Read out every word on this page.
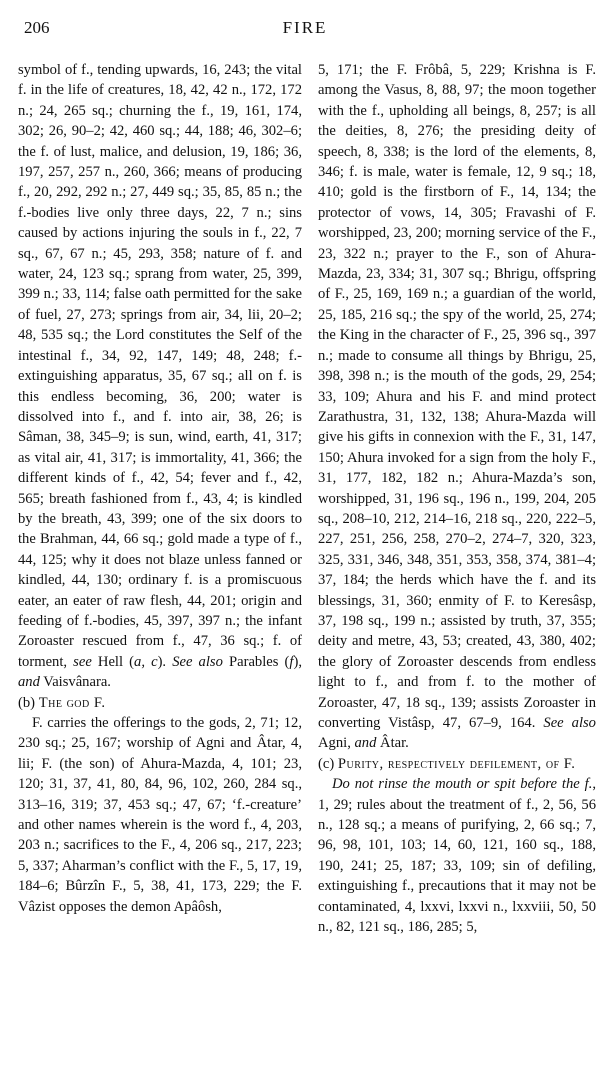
206	FIRE

symbol of f., tending upwards, 16, 243; the vital f. in the life of creatures, 18, 42, 42 n., 172, 172 n.; 24, 265 sq.; churning the f., 19, 161, 174, 302; 26, 90–2; 42, 460 sq.; 44, 188; 46, 302–6; the f. of lust, malice, and delusion, 19, 186; 36, 197, 257, 257 n., 260, 366; means of producing f., 20, 292, 292 n.; 27, 449 sq.; 35, 85, 85 n.; the f.-bodies live only three days, 22, 7 n.; sins caused by actions injuring the souls in f., 22, 7 sq., 67, 67 n.; 45, 293, 358; nature of f. and water, 24, 123 sq.; sprang from water, 25, 399, 399 n.; 33, 114; false oath permitted for the sake of fuel, 27, 273; springs from air, 34, lii, 20–2; 48, 535 sq.; the Lord constitutes the Self of the intestinal f., 34, 92, 147, 149; 48, 248; f.-extinguishing apparatus, 35, 67 sq.; all on f. is this endless becoming, 36, 200; water is dissolved into f., and f. into air, 38, 26; is Sâman, 38, 345–9; is sun, wind, earth, 41, 317; as vital air, 41, 317; is immortality, 41, 366; the different kinds of f., 42, 54; fever and f., 42, 565; breath fashioned from f., 43, 4; is kindled by the breath, 43, 399; one of the six doors to the Brahman, 44, 66 sq.; gold made a type of f., 44, 125; why it does not blaze unless fanned or kindled, 44, 130; ordinary f. is a promiscuous eater, an eater of raw flesh, 44, 201; origin and feeding of f.-bodies, 45, 397, 397 n.; the infant Zoroaster rescued from f., 47, 36 sq.; f. of torment, see Hell (a, c). See also Parables (f), and Vaisvânara.

(b) The god F.

F. carries the offerings to the gods, 2, 71; 12, 230 sq.; 25, 167; worship of Agni and Âtar, 4, lii; F. (the son) of Ahura-Mazda, 4, 101; 23, 120; 31, 37, 41, 80, 84, 96, 102, 260, 284 sq., 313–16, 319; 37, 453 sq.; 47, 67; ‘f.-creature’ and other names wherein is the word f., 4, 203, 203 n.; sacrifices to the F., 4, 206 sq., 217, 223; 5, 337; Aharman’s conflict with the F., 5, 17, 19, 184–6; Bûrzîn F., 5, 38, 41, 173, 229; the F. Vâzist opposes the demon Apâôsh,

5, 171; the F. Frôbâ, 5, 229; Krishna is F. among the Vasus, 8, 88, 97; the moon together with the f., upholding all beings, 8, 257; is all the deities, 8, 276; the presiding deity of speech, 8, 338; is the lord of the elements, 8, 346; f. is male, water is female, 12, 9 sq.; 18, 410; gold is the firstborn of F., 14, 134; the protector of vows, 14, 305; Fravashi of F. worshipped, 23, 200; morning service of the F., 23, 322 n.; prayer to the F., son of Ahura-Mazda, 23, 334; 31, 307 sq.; Bhrigu, offspring of F., 25, 169, 169 n.; a guardian of the world, 25, 185, 216 sq.; the spy of the world, 25, 274; the King in the character of F., 25, 396 sq., 397 n.; made to consume all things by Bhrigu, 25, 398, 398 n.; is the mouth of the gods, 29, 254; 33, 109; Ahura and his F. and mind protect Zarathustra, 31, 132, 138; Ahura-Mazda will give his gifts in connexion with the F., 31, 147, 150; Ahura invoked for a sign from the holy F., 31, 177, 182, 182 n.; Ahura-Mazda’s son, worshipped, 31, 196 sq., 196 n., 199, 204, 205 sq., 208–10, 212, 214–16, 218 sq., 220, 222–5, 227, 251, 256, 258, 270–2, 274–7, 320, 323, 325, 331, 346, 348, 351, 353, 358, 374, 381–4; 37, 184; the herds which have the f. and its blessings, 31, 360; enmity of F. to Keresâsp, 37, 198 sq., 199 n.; assisted by truth, 37, 355; deity and metre, 43, 53; created, 43, 380, 402; the glory of Zoroaster descends from endless light to f., and from f. to the mother of Zoroaster, 47, 18 sq., 139; assists Zoroaster in converting Vistâsp, 47, 67–9, 164. See also Agni, and Âtar.

(c) Purity, respectively defilement, of F.

Do not rinse the mouth or spit before the f., 1, 29; rules about the treatment of f., 2, 56, 56 n., 128 sq.; a means of purifying, 2, 66 sq.; 7, 96, 98, 101, 103; 14, 60, 121, 160 sq., 188, 190, 241; 25, 187; 33, 109; sin of defiling, extinguishing f., precautions that it may not be contaminated, 4, lxxvi, lxxvi n., lxxviii, 50, 50 n., 82, 121 sq., 186, 285; 5,
